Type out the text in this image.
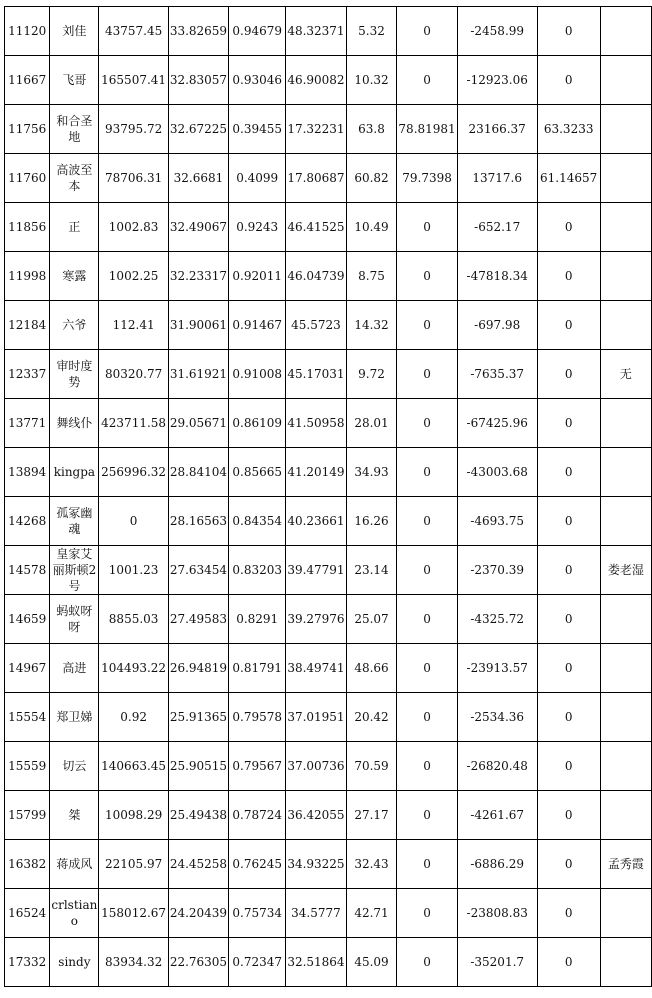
11120	刘佳	43757.45	33.82659	0.94679	48.32371	5.32	0	-2458.99	0	
11667	飞哥	165507.41	32.83057	0.93046	46.90082	10.32	0	-12923.06	0	
11756	和合圣地	93795.72	32.67225	0.39455	17.32231	63.8	78.81981	23166.37	63.3233	
11760	高波至本	78706.31	32.6681	0.4099	17.80687	60.82	79.7398	13717.6	61.14657	
11856	正	1002.83	32.49067	0.9243	46.41525	10.49	0	-652.17	0	
11998	寒露	1002.25	32.23317	0.92011	46.04739	8.75	0	-47818.34	0	
12184	六爷	112.41	31.90061	0.91467	45.5723	14.32	0	-697.98	0	
12337	审时度势	80320.77	31.61921	0.91008	45.17031	9.72	0	-7635.37	0	无
13771	舞线仆	423711.58	29.05671	0.86109	41.50958	28.01	0	-67425.96	0	
13894	kingpa	256996.32	28.84104	0.85665	41.20149	34.93	0	-43003.68	0	
14268	孤冢幽魂	0	28.16563	0.84354	40.23661	16.26	0	-4693.75	0	
14578	皇家艾丽斯顿2号	1001.23	27.63454	0.83203	39.47791	23.14	0	-2370.39	0	娄老湿
14659	蚂蚁呀呀	8855.03	27.49583	0.8291	39.27976	25.07	0	-4325.72	0	
14967	高进	104493.22	26.94819	0.81791	38.49741	48.66	0	-23913.57	0	
15554	郑卫娣	0.92	25.91365	0.79578	37.01951	20.42	0	-2534.36	0	
15559	切云	140663.45	25.90515	0.79567	37.00736	70.59	0	-26820.48	0	
15799	桀	10098.29	25.49438	0.78724	36.42055	27.17	0	-4261.67	0	
16382	蒋成风	22105.97	24.45258	0.76245	34.93225	32.43	0	-6886.29	0	孟秀霞
16524	crlstiano	158012.67	24.20439	0.75734	34.5777	42.71	0	-23808.83	0	
17332	sindy	83934.32	22.76305	0.72347	32.51864	45.09	0	-35201.7	0	
